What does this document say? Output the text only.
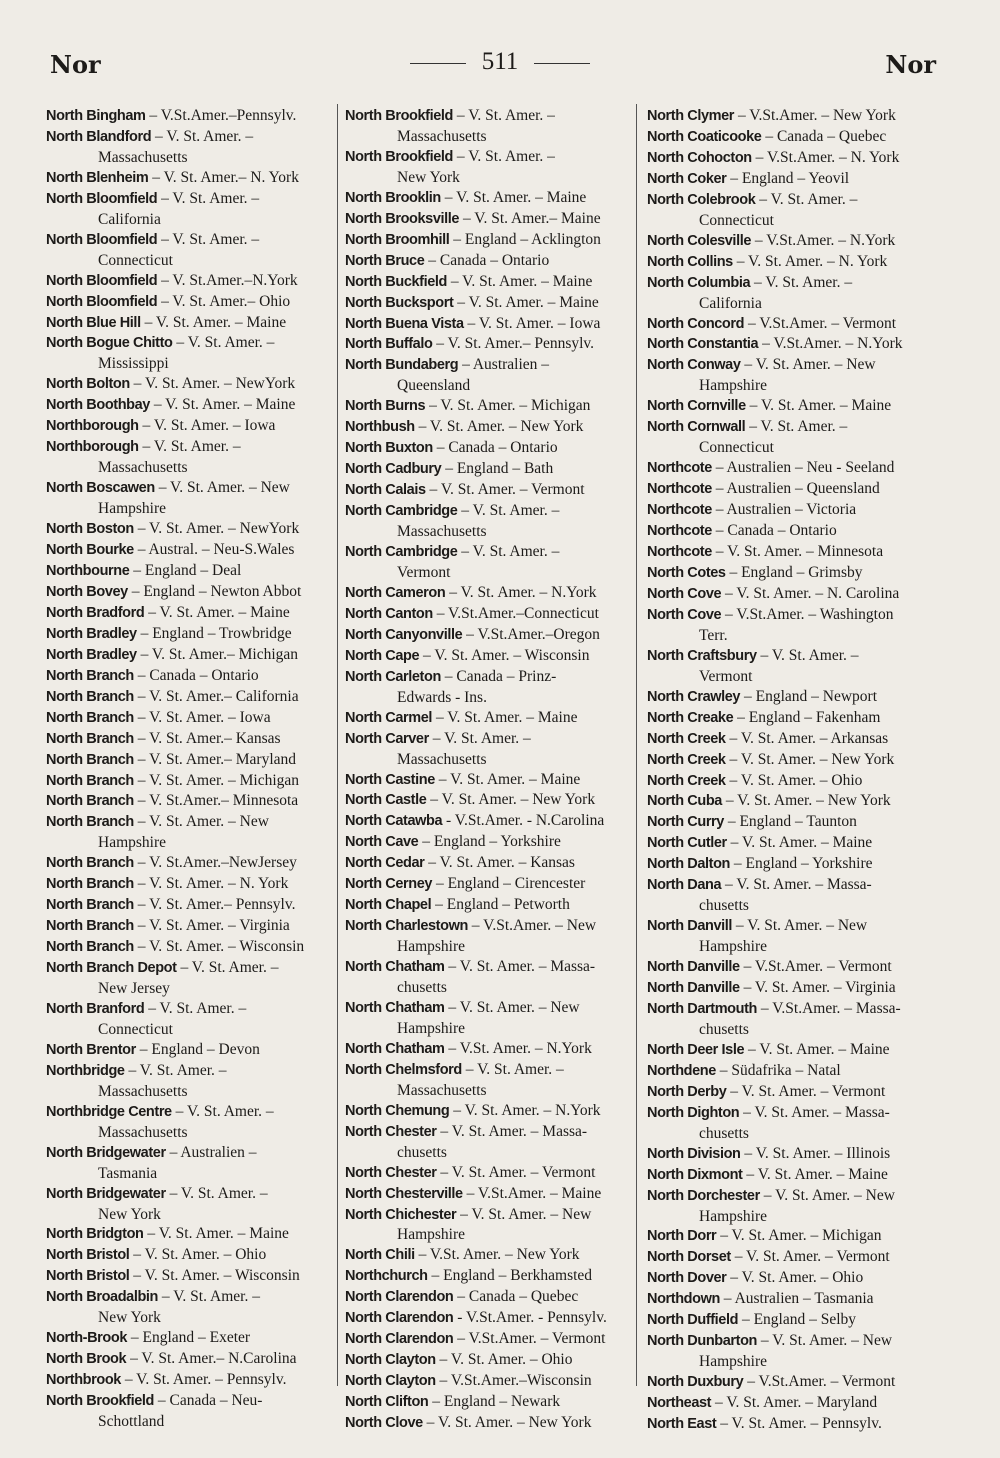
Nor	511	Nor
North Bingham – V.St.Amer.–Pennsylv.
North Blandford – V. St. Amer. –
Massachusetts
North Blenheim – V. St. Amer.– N. York
North Bloomfield – V. St. Amer. –
California
North Bloomfield – V. St. Amer. –
Connecticut
North Bloomfield – V. St.Amer.–N.York
North Bloomfield – V. St. Amer.– Ohio
North Blue Hill – V. St. Amer. – Maine
North Bogue Chitto – V. St. Amer. –
Mississippi
North Bolton – V. St. Amer. – NewYork
North Boothbay – V. St. Amer. – Maine
Northborough – V. St. Amer. – Iowa
Northborough – V. St. Amer. –
Massachusetts
North Boscawen – V. St. Amer. – New
Hampshire
North Boston – V. St. Amer. – NewYork
North Bourke – Austral. – Neu-S.Wales
Northbourne – England – Deal
North Bovey – England – Newton Abbot
North Bradford – V. St. Amer. – Maine
North Bradley – England – Trowbridge
North Bradley – V. St. Amer.– Michigan
North Branch – Canada – Ontario
North Branch – V. St. Amer.– California
North Branch – V. St. Amer. – Iowa
North Branch – V. St. Amer.– Kansas
North Branch – V. St. Amer.– Maryland
North Branch – V. St. Amer. – Michigan
North Branch – V. St.Amer.– Minnesota
North Branch – V. St. Amer. – New
Hampshire
North Branch – V. St.Amer.–NewJersey
North Branch – V. St. Amer. – N. York
North Branch – V. St. Amer.– Pennsylv.
North Branch – V. St. Amer. – Virginia
North Branch – V. St. Amer. – Wisconsin
North Branch Depot – V. St. Amer. –
New Jersey
North Branford – V. St. Amer. –
Connecticut
North Brentor – England – Devon
Northbridge – V. St. Amer. –
Massachusetts
Northbridge Centre – V. St. Amer. –
Massachusetts
North Bridgewater – Australien –
Tasmania
North Bridgewater – V. St. Amer. –
New York
North Bridgton – V. St. Amer. – Maine
North Bristol – V. St. Amer. – Ohio
North Bristol – V. St. Amer. – Wisconsin
North Broadalbin – V. St. Amer. –
New York
North-Brook – England – Exeter
North Brook – V. St. Amer.– N.Carolina
Northbrook – V. St. Amer. – Pennsylv.
North Brookfield – Canada – Neu-
Schottland
North Brookfield – V. St. Amer. –
Massachusetts
North Brookfield – V. St. Amer. –
New York
North Brooklin – V. St. Amer. – Maine
North Brooksville – V. St. Amer.– Maine
North Broomhill – England – Acklington
North Bruce – Canada – Ontario
North Buckfield – V. St. Amer. – Maine
North Bucksport – V. St. Amer. – Maine
North Buena Vista – V. St. Amer. – Iowa
North Buffalo – V. St. Amer.– Pennsylv.
North Bundaberg – Australien –
Queensland
North Burns – V. St. Amer. – Michigan
Northbush – V. St. Amer. – New York
North Buxton – Canada – Ontario
North Cadbury – England – Bath
North Calais – V. St. Amer. – Vermont
North Cambridge – V. St. Amer. –
Massachusetts
North Cambridge – V. St. Amer. –
Vermont
North Cameron – V. St. Amer. – N.York
North Canton – V.St.Amer.–Connecticut
North Canyonville – V.St.Amer.–Oregon
North Cape – V. St. Amer. – Wisconsin
North Carleton – Canada – Prinz-
Edwards - Ins.
North Carmel – V. St. Amer. – Maine
North Carver – V. St. Amer. –
Massachusetts
North Castine – V. St. Amer. – Maine
North Castle – V. St. Amer. – New York
North Catawba - V.St.Amer. - N.Carolina
North Cave – England – Yorkshire
North Cedar – V. St. Amer. – Kansas
North Cerney – England – Cirencester
North Chapel – England – Petworth
North Charlestown – V.St.Amer. – New
Hampshire
North Chatham – V. St. Amer. – Massa-
chusetts
North Chatham – V. St. Amer. – New
Hampshire
North Chatham – V.St. Amer. – N.York
North Chelmsford – V. St. Amer. –
Massachusetts
North Chemung – V. St. Amer. – N.York
North Chester – V. St. Amer. – Massa-
chusetts
North Chester – V. St. Amer. – Vermont
North Chesterville – V.St.Amer. – Maine
North Chichester – V. St. Amer. – New
Hampshire
North Chili – V.St. Amer. – New York
Northchurch – England – Berkhamsted
North Clarendon – Canada – Quebec
North Clarendon - V.St.Amer. - Pennsylv.
North Clarendon – V.St.Amer. – Vermont
North Clayton – V. St. Amer. – Ohio
North Clayton – V.St.Amer.–Wisconsin
North Clifton – England – Newark
North Clove – V. St. Amer. – New York
North Clymer – V.St.Amer. – New York
North Coaticooke – Canada – Quebec
North Cohocton – V.St.Amer. – N. York
North Coker – England – Yeovil
North Colebrook – V. St. Amer. –
Connecticut
North Colesville – V.St.Amer. – N.York
North Collins – V. St. Amer. – N. York
North Columbia – V. St. Amer. –
California
North Concord – V.St.Amer. – Vermont
North Constantia – V.St.Amer. – N.York
North Conway – V. St. Amer. – New
Hampshire
North Cornville – V. St. Amer. – Maine
North Cornwall – V. St. Amer. –
Connecticut
Northcote – Australien – Neu - Seeland
Northcote – Australien – Queensland
Northcote – Australien – Victoria
Northcote – Canada – Ontario
Northcote – V. St. Amer. – Minnesota
North Cotes – England – Grimsby
North Cove – V. St. Amer. – N. Carolina
North Cove – V.St.Amer. – Washington
Terr.
North Craftsbury – V. St. Amer. –
Vermont
North Crawley – England – Newport
North Creake – England – Fakenham
North Creek – V. St. Amer. – Arkansas
North Creek – V. St. Amer. – New York
North Creek – V. St. Amer. – Ohio
North Cuba – V. St. Amer. – New York
North Curry – England – Taunton
North Cutler – V. St. Amer. – Maine
North Dalton – England – Yorkshire
North Dana – V. St. Amer. – Massa-
chusetts
North Danvill – V. St. Amer. – New
Hampshire
North Danville – V.St.Amer. – Vermont
North Danville – V. St. Amer. – Virginia
North Dartmouth – V.St.Amer. – Massa-
chusetts
North Deer Isle – V. St. Amer. – Maine
Northdene – Südafrika – Natal
North Derby – V. St. Amer. – Vermont
North Dighton – V. St. Amer. – Massa-
chusetts
North Division – V. St. Amer. – Illinois
North Dixmont – V. St. Amer. – Maine
North Dorchester – V. St. Amer. – New
Hampshire
North Dorr – V. St. Amer. – Michigan
North Dorset – V. St. Amer. – Vermont
North Dover – V. St. Amer. – Ohio
Northdown – Australien – Tasmania
North Duffield – England – Selby
North Dunbarton – V. St. Amer. – New
Hampshire
North Duxbury – V.St.Amer. – Vermont
Northeast – V. St. Amer. – Maryland
North East – V. St. Amer. – Pennsylv.
